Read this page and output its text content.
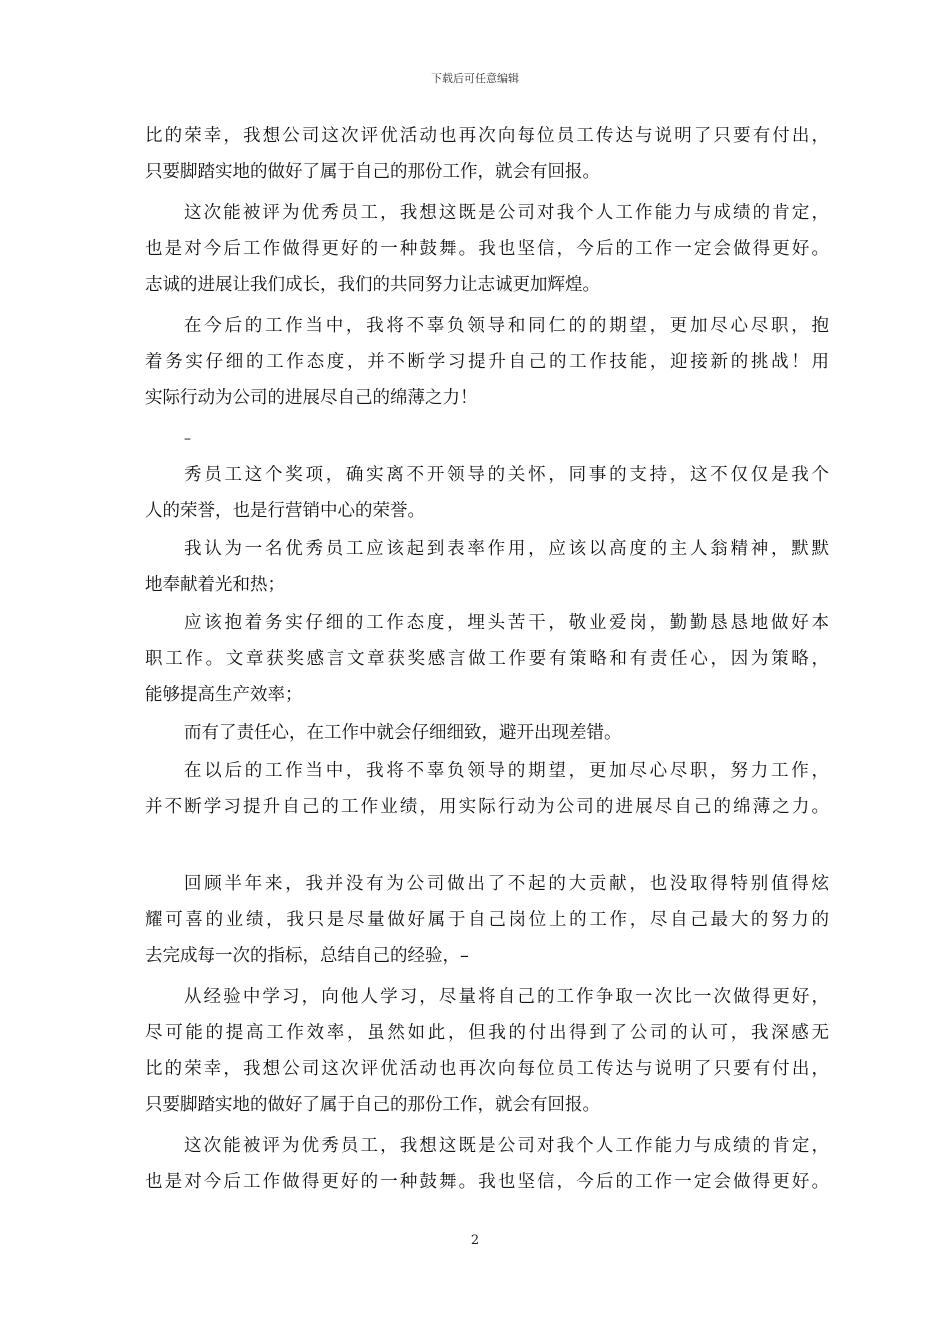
下载后可任意编辑
比的荣幸，我想公司这次评优活动也再次向每位员工传达与说明了只要有付出，
只要脚踏实地的做好了属于自己的那份工作，就会有回报。
这次能被评为优秀员工，我想这既是公司对我个人工作能力与成绩的肯定，
也是对今后工作做得更好的一种鼓舞。我也坚信，今后的工作一定会做得更好。
志诚的进展让我们成长，我们的共同努力让志诚更加辉煌。
在今后的工作当中，我将不辜负领导和同仁的的期望，更加尽心尽职，抱
着务实仔细的工作态度，并不断学习提升自己的工作技能，迎接新的挑战！用
实际行动为公司的进展尽自己的绵薄之力！
–
秀员工这个奖项，确实离不开领导的关怀，同事的支持，这不仅仅是我个
人的荣誉，也是行营销中心的荣誉。
我认为一名优秀员工应该起到表率作用，应该以高度的主人翁精神，默默
地奉献着光和热；
应该抱着务实仔细的工作态度，埋头苦干，敬业爱岗，勤勤恳恳地做好本
职工作。文章获奖感言文章获奖感言做工作要有策略和有责任心，因为策略，
能够提高生产效率；
而有了责任心，在工作中就会仔细细致，避开出现差错。
在以后的工作当中，我将不辜负领导的期望，更加尽心尽职，努力工作，
并不断学习提升自己的工作业绩，用实际行动为公司的进展尽自己的绵薄之力。
回顾半年来，我并没有为公司做出了不起的大贡献，也没取得特别值得炫
耀可喜的业绩，我只是尽量做好属于自己岗位上的工作，尽自己最大的努力的
去完成每一次的指标，总结自己的经验，–
从经验中学习，向他人学习，尽量将自己的工作争取一次比一次做得更好，
尽可能的提高工作效率，虽然如此，但我的付出得到了公司的认可，我深感无
比的荣幸，我想公司这次评优活动也再次向每位员工传达与说明了只要有付出，
只要脚踏实地的做好了属于自己的那份工作，就会有回报。
这次能被评为优秀员工，我想这既是公司对我个人工作能力与成绩的肯定，
也是对今后工作做得更好的一种鼓舞。我也坚信，今后的工作一定会做得更好。
2
